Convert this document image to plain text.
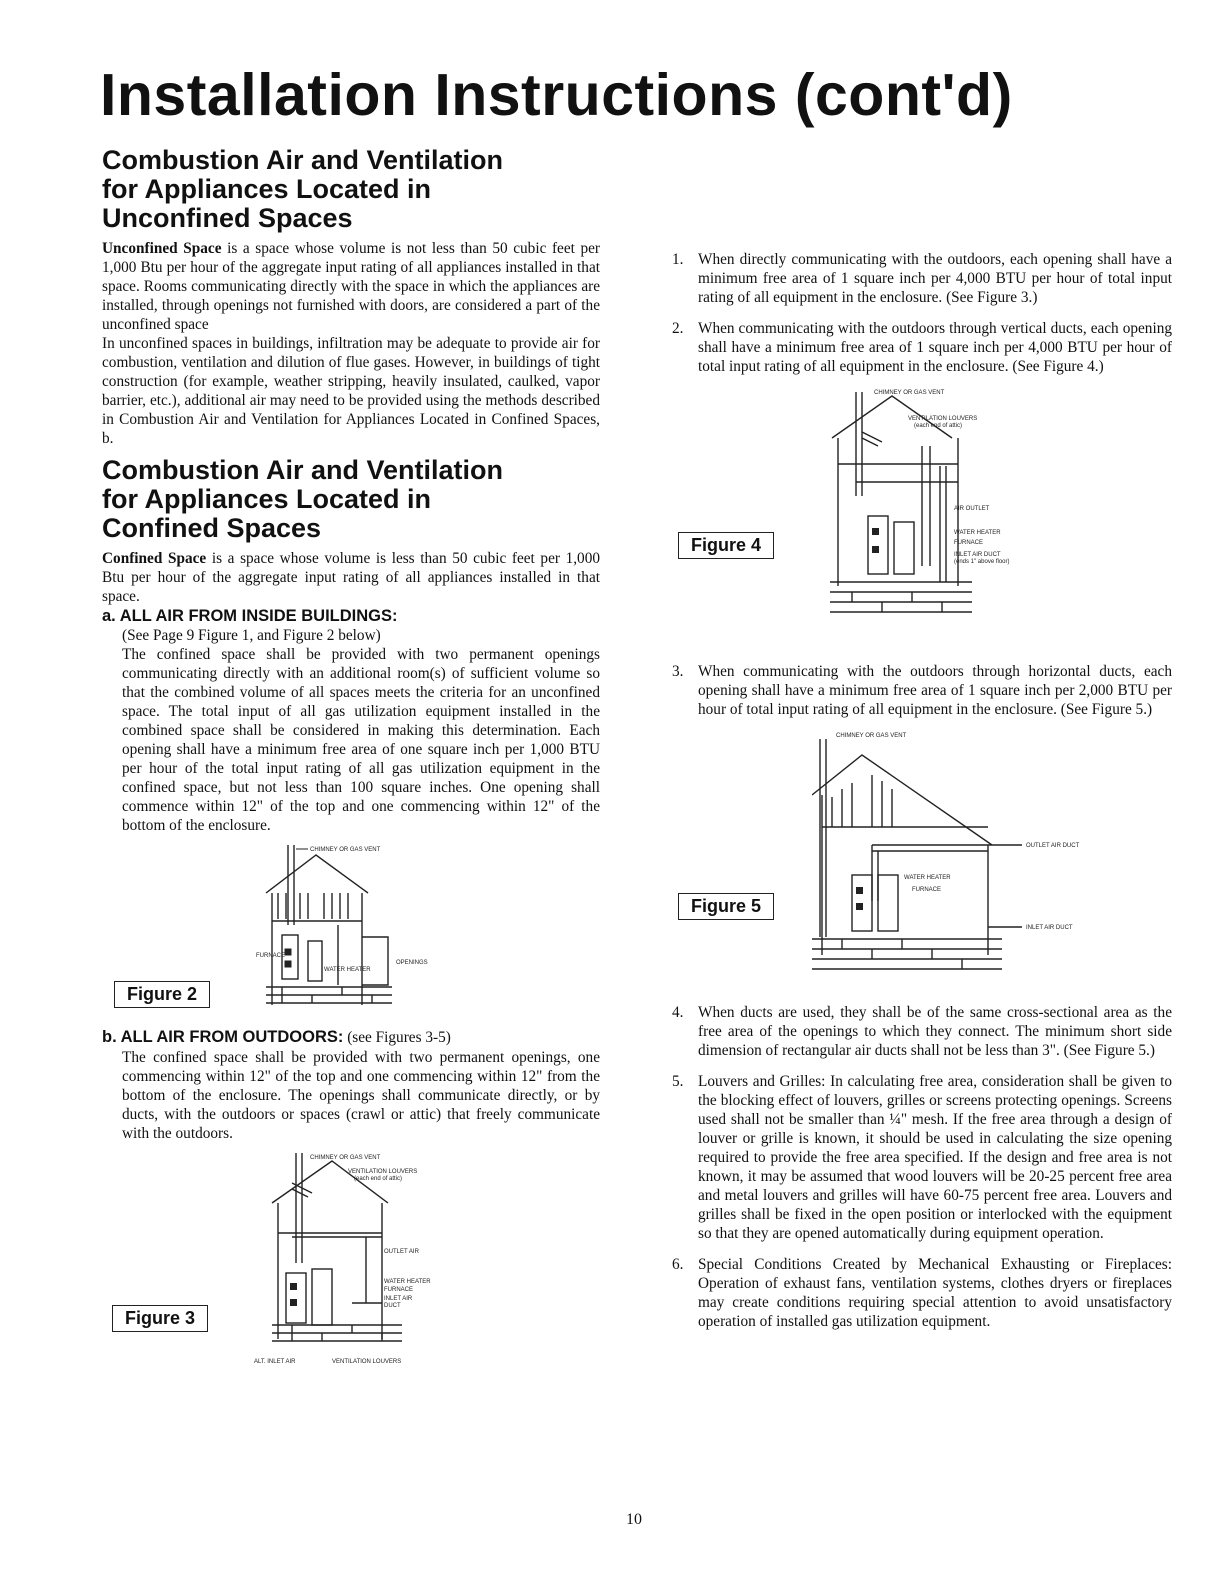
Installation Instructions (cont'd)
Combustion Air and Ventilation
for Appliances Located in
Unconfined Spaces

Unconfined Space is a space whose volume is not less than 50 cubic feet per 1,000 Btu per hour of the aggregate input rating of all appliances installed in that space. Rooms communicating directly with the space in which the appliances are installed, through openings not furnished with doors, are considered a part of the unconfined space

In unconfined spaces in buildings, infiltration may be adequate to provide air for combustion, ventilation and dilution of flue gases. However, in buildings of tight construction (for example, weather stripping, heavily insulated, caulked, vapor barrier, etc.), additional air may need to be provided using the methods described in Combustion Air and Ventilation for Appliances Located in Confined Spaces, b.

Combustion Air and Ventilation
for Appliances Located in
Confined Spaces

Confined Space is a space whose volume is less than 50 cubic feet per 1,000 Btu per hour of the aggregate input rating of all appliances installed in that space.

a. ALL AIR FROM INSIDE BUILDINGS:

(See Page 9 Figure 1, and Figure 2 below)

The confined space shall be provided with two permanent openings communicating directly with an additional room(s) of sufficient volume so that the combined volume of all spaces meets the criteria for an unconfined space. The total input of all gas utilization equipment installed in the combined space shall be considered in making this determination. Each opening shall have a minimum free area of one square inch per 1,000 BTU per hour of the total input rating of all gas utilization equipment in the confined space, but not less than 100 square inches. One opening shall commence within 12" of the top and one commencing within 12" of the bottom of the enclosure.

Figure 2
CHIMNEY OR GAS VENT
FURNACE
WATER HEATER
OPENINGS
b. ALL AIR FROM OUTDOORS: (see Figures 3-5)

The confined space shall be provided with two permanent openings, one commencing within 12" of the top and one commencing within 12" from the bottom of the enclosure. The openings shall communicate directly, or by ducts, with the outdoors or spaces (crawl or attic) that freely communicate with the outdoors.

Figure 3
CHIMNEY OR GAS VENT
VENTILATION LOUVERS
(each end of attic)
OUTLET AIR
WATER HEATER
FURNACE
INLET AIR
DUCT
ALT. INLET AIR	VENTILATION LOUVERS
1. When directly communicating with the outdoors, each opening shall have a minimum free area of 1 square inch per 4,000 BTU per hour of total input rating of all equipment in the enclosure. (See Figure 3.)
2. When communicating with the outdoors through vertical ducts, each opening shall have a minimum free area of 1 square inch per 4,000 BTU per hour of total input rating of all equipment in the enclosure. (See Figure 4.)
Figure 4
CHIMNEY OR GAS VENT
VENTILATION LOUVERS
(each end of attic)
AIR OUTLET
WATER HEATER
FURNACE
INLET AIR DUCT
(ends 1" above floor)
3. When communicating with the outdoors through horizontal ducts, each opening shall have a minimum free area of 1 square inch per 2,000 BTU per hour of total input rating of all equipment in the enclosure. (See Figure 5.)
Figure 5
CHIMNEY OR GAS VENT
OUTLET AIR DUCT
WATER HEATER
FURNACE
INLET AIR DUCT
4. When ducts are used, they shall be of the same cross-sectional area as the free area of the openings to which they connect. The minimum short side dimension of rectangular air ducts shall not be less than 3". (See Figure 5.)
5. Louvers and Grilles: In calculating free area, consideration shall be given to the blocking effect of louvers, grilles or screens protecting openings. Screens used shall not be smaller than ¼" mesh. If the free area through a design of louver or grille is known, it should be used in calculating the size opening required to provide the free area specified. If the design and free area is not known, it may be assumed that wood louvers will be 20-25 percent free area and metal louvers and grilles will have 60-75 percent free area. Louvers and grilles shall be fixed in the open position or interlocked with the equipment so that they are opened automatically during equipment operation.
6. Special Conditions Created by Mechanical Exhausting or Fireplaces: Operation of exhaust fans, ventilation systems, clothes dryers or fireplaces may create conditions requiring special attention to avoid unsatisfactory operation of installed gas utilization equipment.
10
